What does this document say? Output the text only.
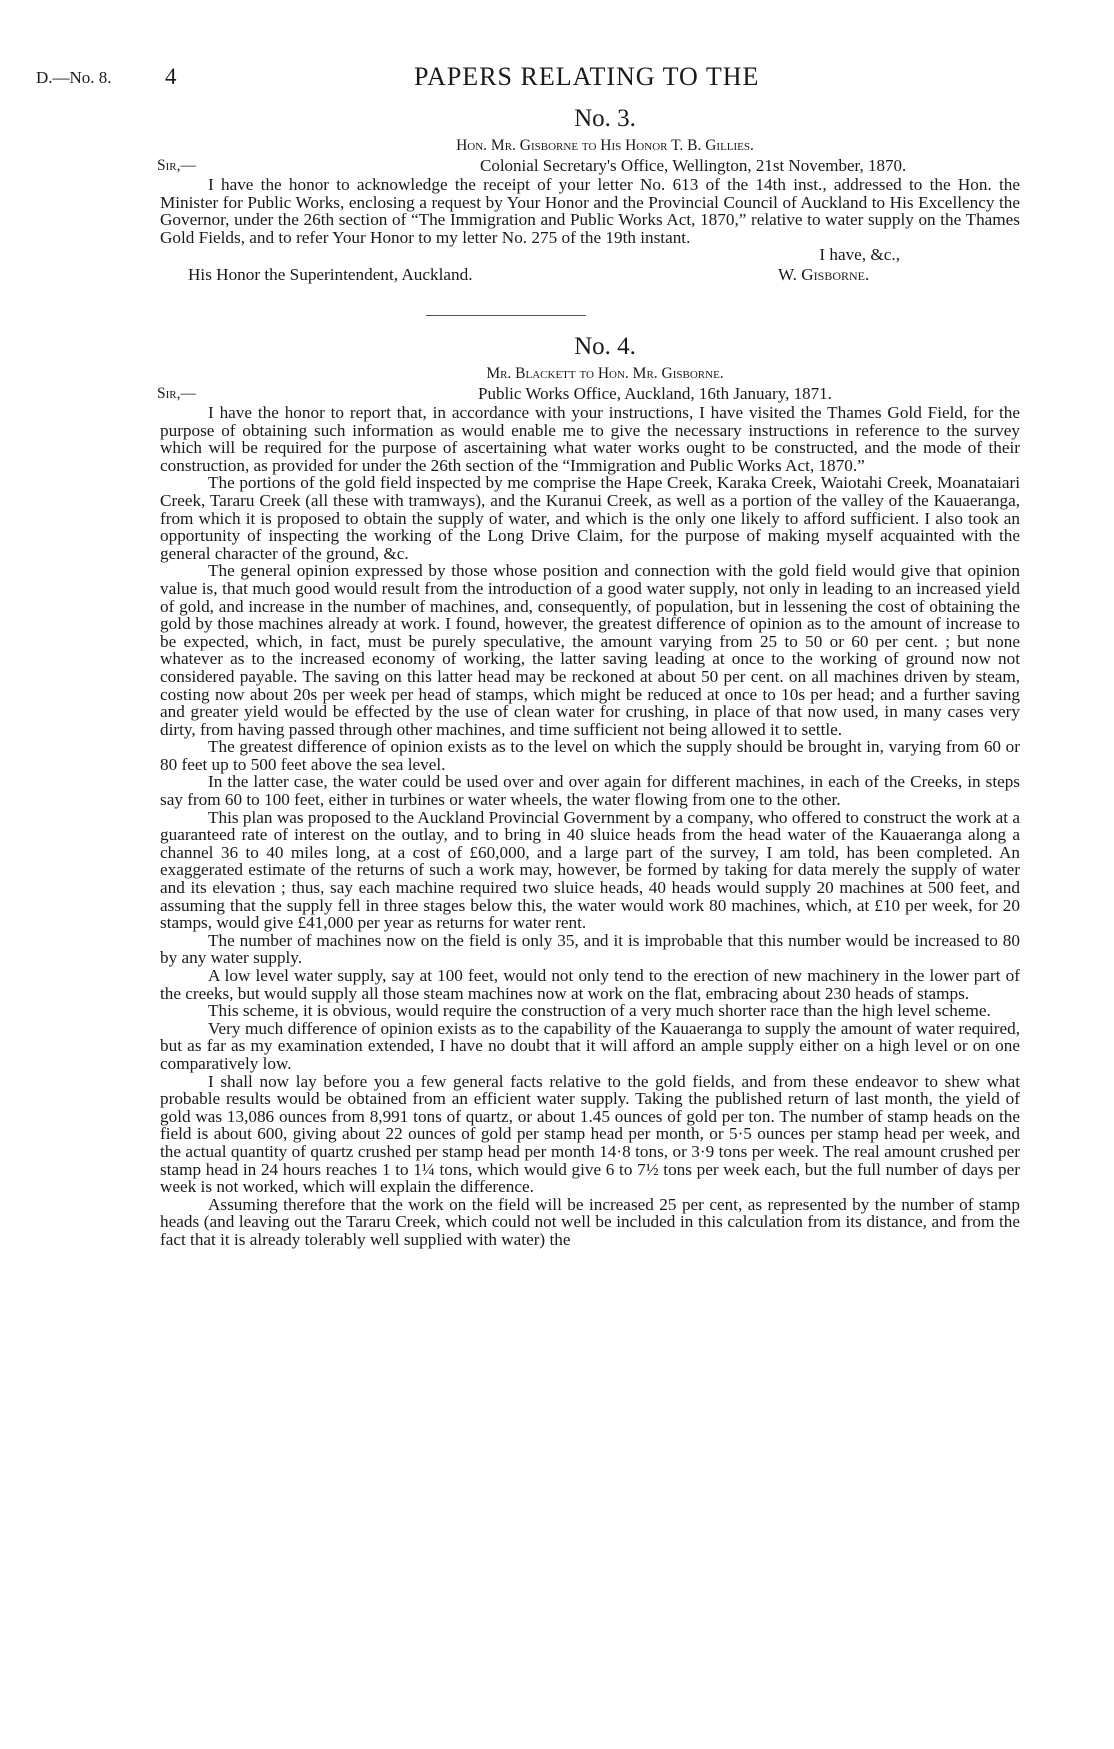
D.—No. 8. 4	PAPERS RELATING TO THE
No. 3.
Hon. Mr. Gisborne to His Honor T. B. Gillies.
Sir,—	Colonial Secretary's Office, Wellington, 21st November, 1870.

I have the honor to acknowledge the receipt of your letter No. 613 of the 14th inst., addressed to the Hon. the Minister for Public Works, enclosing a request by Your Honor and the Provincial Council of Auckland to His Excellency the Governor, under the 26th section of “The Immigration and Public Works Act, 1870,” relative to water supply on the Thames Gold Fields, and to refer Your Honor to my letter No. 275 of the 19th instant.

I have, &c.,
His Honor the Superintendent, Auckland.	W. Gisborne.
No. 4.
Mr. Blackett to Hon. Mr. Gisborne.
Sir,—	Public Works Office, Auckland, 16th January, 1871.

I have the honor to report that, in accordance with your instructions, I have visited the Thames Gold Field, for the purpose of obtaining such information as would enable me to give the necessary instructions in reference to the survey which will be required for the purpose of ascertaining what water works ought to be constructed, and the mode of their construction, as provided for under the 26th section of the “Immigration and Public Works Act, 1870.”

The portions of the gold field inspected by me comprise the Hape Creek, Karaka Creek, Waiotahi Creek, Moanataiari Creek, Tararu Creek (all these with tramways), and the Kuranui Creek, as well as a portion of the valley of the Kauaeranga, from which it is proposed to obtain the supply of water, and which is the only one likely to afford sufficient. I also took an opportunity of inspecting the working of the Long Drive Claim, for the purpose of making myself acquainted with the general character of the ground, &c.

The general opinion expressed by those whose position and connection with the gold field would give that opinion value is, that much good would result from the introduction of a good water supply, not only in leading to an increased yield of gold, and increase in the number of machines, and, consequently, of population, but in lessening the cost of obtaining the gold by those machines already at work. I found, however, the greatest difference of opinion as to the amount of increase to be expected, which, in fact, must be purely speculative, the amount varying from 25 to 50 or 60 per cent. ; but none whatever as to the increased economy of working, the latter saving leading at once to the working of ground now not considered payable. The saving on this latter head may be reckoned at about 50 per cent. on all machines driven by steam, costing now about 20s per week per head of stamps, which might be reduced at once to 10s per head; and a further saving and greater yield would be effected by the use of clean water for crushing, in place of that now used, in many cases very dirty, from having passed through other machines, and time sufficient not being allowed it to settle.

The greatest difference of opinion exists as to the level on which the supply should be brought in, varying from 60 or 80 feet up to 500 feet above the sea level.

In the latter case, the water could be used over and over again for different machines, in each of the Creeks, in steps say from 60 to 100 feet, either in turbines or water wheels, the water flowing from one to the other.

This plan was proposed to the Auckland Provincial Government by a company, who offered to construct the work at a guaranteed rate of interest on the outlay, and to bring in 40 sluice heads from the head water of the Kauaeranga along a channel 36 to 40 miles long, at a cost of £60,000, and a large part of the survey, I am told, has been completed. An exaggerated estimate of the returns of such a work may, however, be formed by taking for data merely the supply of water and its elevation ; thus, say each machine required two sluice heads, 40 heads would supply 20 machines at 500 feet, and assuming that the supply fell in three stages below this, the water would work 80 machines, which, at £10 per week, for 20 stamps, would give £41,000 per year as returns for water rent.

The number of machines now on the field is only 35, and it is improbable that this number would be increased to 80 by any water supply.

A low level water supply, say at 100 feet, would not only tend to the erection of new machinery in the lower part of the creeks, but would supply all those steam machines now at work on the flat, embracing about 230 heads of stamps.

This scheme, it is obvious, would require the construction of a very much shorter race than the high level scheme.

Very much difference of opinion exists as to the capability of the Kauaeranga to supply the amount of water required, but as far as my examination extended, I have no doubt that it will afford an ample supply either on a high level or on one comparatively low.

I shall now lay before you a few general facts relative to the gold fields, and from these endeavor to shew what probable results would be obtained from an efficient water supply. Taking the published return of last month, the yield of gold was 13,086 ounces from 8,991 tons of quartz, or about 1.45 ounces of gold per ton. The number of stamp heads on the field is about 600, giving about 22 ounces of gold per stamp head per month, or 5·5 ounces per stamp head per week, and the actual quantity of quartz crushed per stamp head per month 14·8 tons, or 3·9 tons per week. The real amount crushed per stamp head in 24 hours reaches 1 to 1¼ tons, which would give 6 to 7½ tons per week each, but the full number of days per week is not worked, which will explain the difference.

Assuming therefore that the work on the field will be increased 25 per cent, as represented by the number of stamp heads (and leaving out the Tararu Creek, which could not well be included in this calculation from its distance, and from the fact that it is already tolerably well supplied with water) the
